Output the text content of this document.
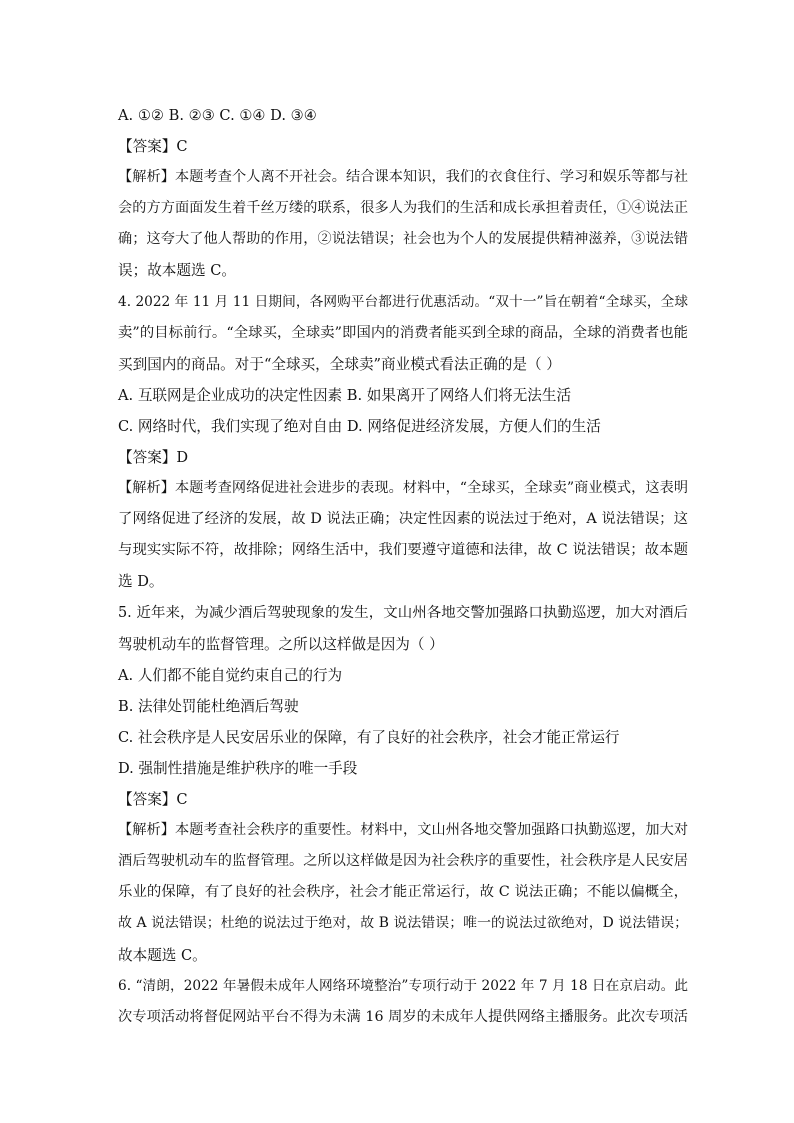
A. ①② B. ②③ C. ①④ D. ③④
【答案】C
【解析】本题考查个人离不开社会。结合课本知识，我们的衣食住行、学习和娱乐等都与社
会的方方面面发生着千丝万缕的联系，很多人为我们的生活和成长承担着责任，①④说法正
确；这夸大了他人帮助的作用，②说法错误；社会也为个人的发展提供精神滋养，③说法错
误；故本题选 C。
4. 2022 年 11 月 11 日期间，各网购平台都进行优惠活动。“双十一”旨在朝着“全球买，全球
卖”的目标前行。“全球买，全球卖”即国内的消费者能买到全球的商品，全球的消费者也能
买到国内的商品。对于“全球买，全球卖”商业模式看法正确的是（ ）
A. 互联网是企业成功的决定性因素 B. 如果离开了网络人们将无法生活
C. 网络时代，我们实现了绝对自由 D. 网络促进经济发展，方便人们的生活
【答案】D
【解析】本题考查网络促进社会进步的表现。材料中，“全球买，全球卖”商业模式，这表明
了网络促进了经济的发展，故 D 说法正确；决定性因素的说法过于绝对，A 说法错误；这
与现实实际不符，故排除；网络生活中，我们要遵守道德和法律，故 C 说法错误；故本题
选 D。
5. 近年来，为减少酒后驾驶现象的发生，文山州各地交警加强路口执勤巡逻，加大对酒后
驾驶机动车的监督管理。之所以这样做是因为（ ）
A. 人们都不能自觉约束自己的行为
B. 法律处罚能杜绝酒后驾驶
C. 社会秩序是人民安居乐业的保障，有了良好的社会秩序，社会才能正常运行
D. 强制性措施是维护秩序的唯一手段
【答案】C
【解析】本题考查社会秩序的重要性。材料中，文山州各地交警加强路口执勤巡逻，加大对
酒后驾驶机动车的监督管理。之所以这样做是因为社会秩序的重要性，社会秩序是人民安居
乐业的保障，有了良好的社会秩序，社会才能正常运行，故 C 说法正确；不能以偏概全，
故 A 说法错误；杜绝的说法过于绝对，故 B 说法错误；唯一的说法过欲绝对，D 说法错误；
故本题选 C。
6. “清朗，2022 年暑假未成年人网络环境整治”专项行动于 2022 年 7 月 18 日在京启动。此
次专项活动将督促网站平台不得为未满 16 周岁的未成年人提供网络主播服务。此次专项活
